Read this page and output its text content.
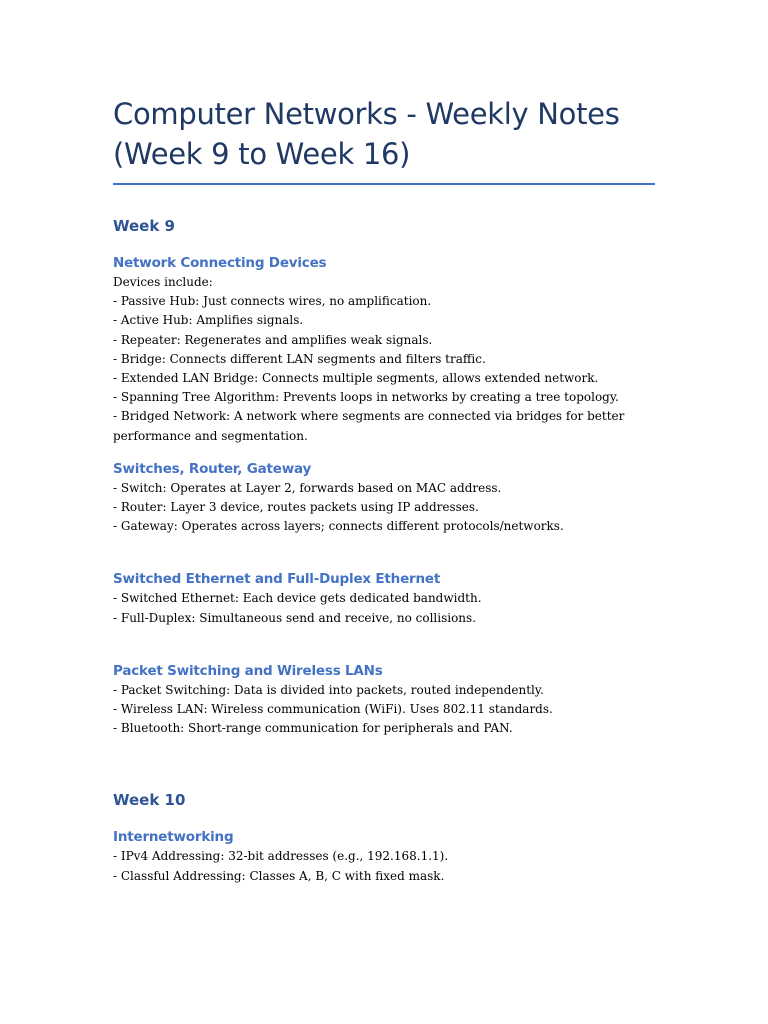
Computer Networks - Weekly Notes
(Week 9 to Week 16)
Week 9
Network Connecting Devices
Devices include:
- Passive Hub: Just connects wires, no amplification.
- Active Hub: Amplifies signals.
- Repeater: Regenerates and amplifies weak signals.
- Bridge: Connects different LAN segments and filters traffic.
- Extended LAN Bridge: Connects multiple segments, allows extended network.
- Spanning Tree Algorithm: Prevents loops in networks by creating a tree topology.
- Bridged Network: A network where segments are connected via bridges for better performance and segmentation.
Switches, Router, Gateway
- Switch: Operates at Layer 2, forwards based on MAC address.
- Router: Layer 3 device, routes packets using IP addresses.
- Gateway: Operates across layers; connects different protocols/networks.
Switched Ethernet and Full-Duplex Ethernet
- Switched Ethernet: Each device gets dedicated bandwidth.
- Full-Duplex: Simultaneous send and receive, no collisions.
Packet Switching and Wireless LANs
- Packet Switching: Data is divided into packets, routed independently.
- Wireless LAN: Wireless communication (WiFi). Uses 802.11 standards.
- Bluetooth: Short-range communication for peripherals and PAN.
Week 10
Internetworking
- IPv4 Addressing: 32-bit addresses (e.g., 192.168.1.1).
- Classful Addressing: Classes A, B, C with fixed mask.
